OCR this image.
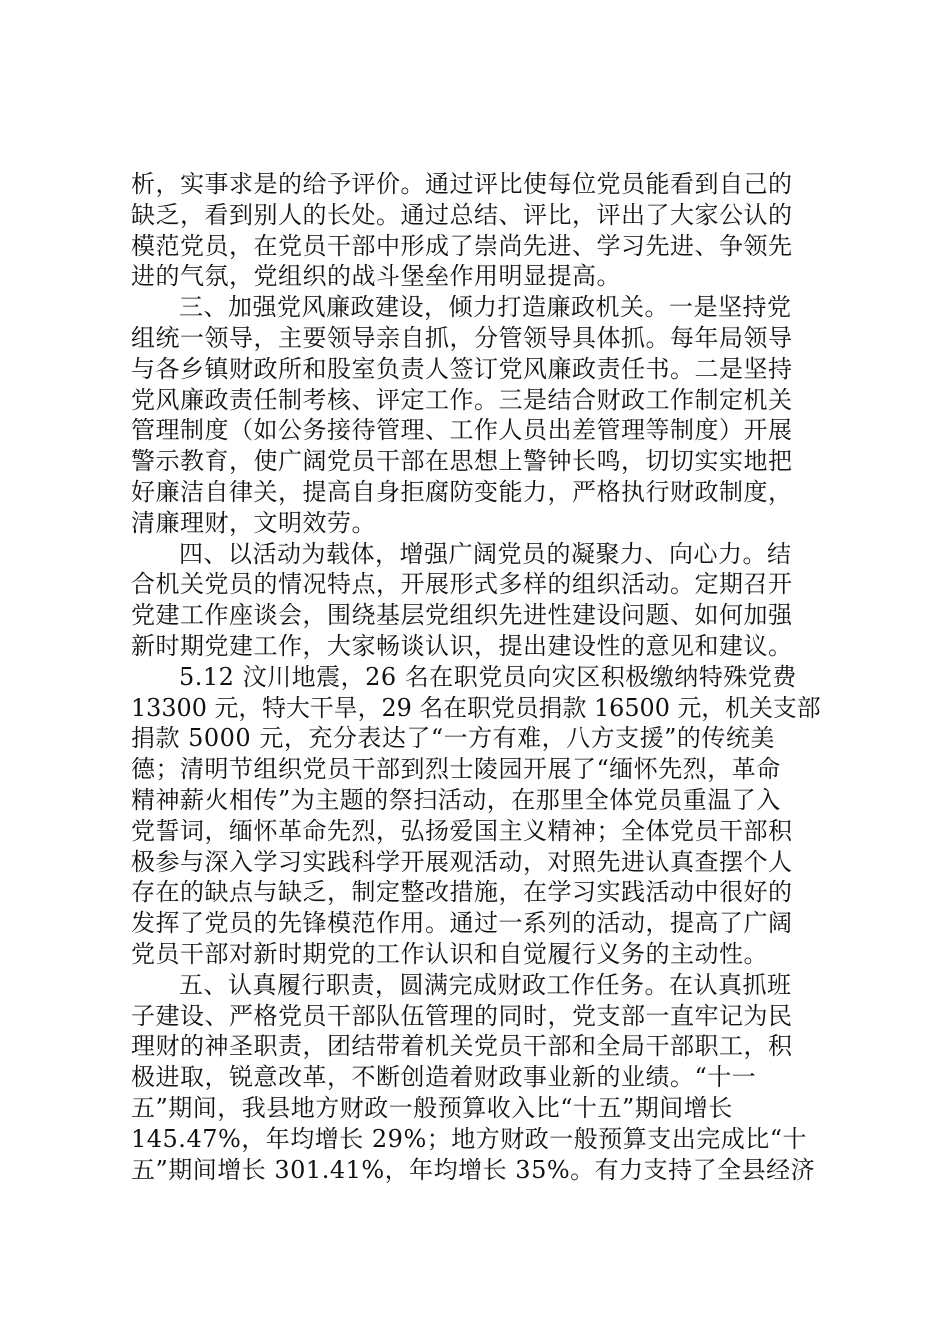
析，实事求是的给予评价。通过评比使每位党员能看到自己的
缺乏，看到别人的长处。通过总结、评比，评出了大家公认的
模范党员，在党员干部中形成了崇尚先进、学习先进、争领先
进的气氛，党组织的战斗堡垒作用明显提高。
三、加强党风廉政建设，倾力打造廉政机关。一是坚持党
组统一领导，主要领导亲自抓，分管领导具体抓。每年局领导
与各乡镇财政所和股室负责人签订党风廉政责任书。二是坚持
党风廉政责任制考核、评定工作。三是结合财政工作制定机关
管理制度（如公务接待管理、工作人员出差管理等制度）开展
警示教育，使广阔党员干部在思想上警钟长鸣，切切实实地把
好廉洁自律关，提高自身拒腐防变能力，严格执行财政制度，
清廉理财，文明效劳。
四、以活动为载体，增强广阔党员的凝聚力、向心力。结
合机关党员的情况特点，开展形式多样的组织活动。定期召开
党建工作座谈会，围绕基层党组织先进性建设问题、如何加强
新时期党建工作，大家畅谈认识，提出建设性的意见和建议。
5.12 汶川地震，26 名在职党员向灾区积极缴纳特殊党费
13300 元，特大干旱，29 名在职党员捐款 16500 元，机关支部
捐款 5000 元，充分表达了“一方有难，八方支援”的传统美
德；清明节组织党员干部到烈士陵园开展了“缅怀先烈，革命
精神薪火相传”为主题的祭扫活动，在那里全体党员重温了入
党誓词，缅怀革命先烈，弘扬爱国主义精神；全体党员干部积
极参与深入学习实践科学开展观活动，对照先进认真查摆个人
存在的缺点与缺乏，制定整改措施，在学习实践活动中很好的
发挥了党员的先锋模范作用。通过一系列的活动，提高了广阔
党员干部对新时期党的工作认识和自觉履行义务的主动性。
五、认真履行职责，圆满完成财政工作任务。在认真抓班
子建设、严格党员干部队伍管理的同时，党支部一直牢记为民
理财的神圣职责，团结带着机关党员干部和全局干部职工，积
极进取，锐意改革，不断创造着财政事业新的业绩。“十一
五”期间，我县地方财政一般预算收入比“十五”期间增长
145.47%，年均增长 29%；地方财政一般预算支出完成比“十
五”期间增长 301.41%，年均增长 35%。有力支持了全县经济
